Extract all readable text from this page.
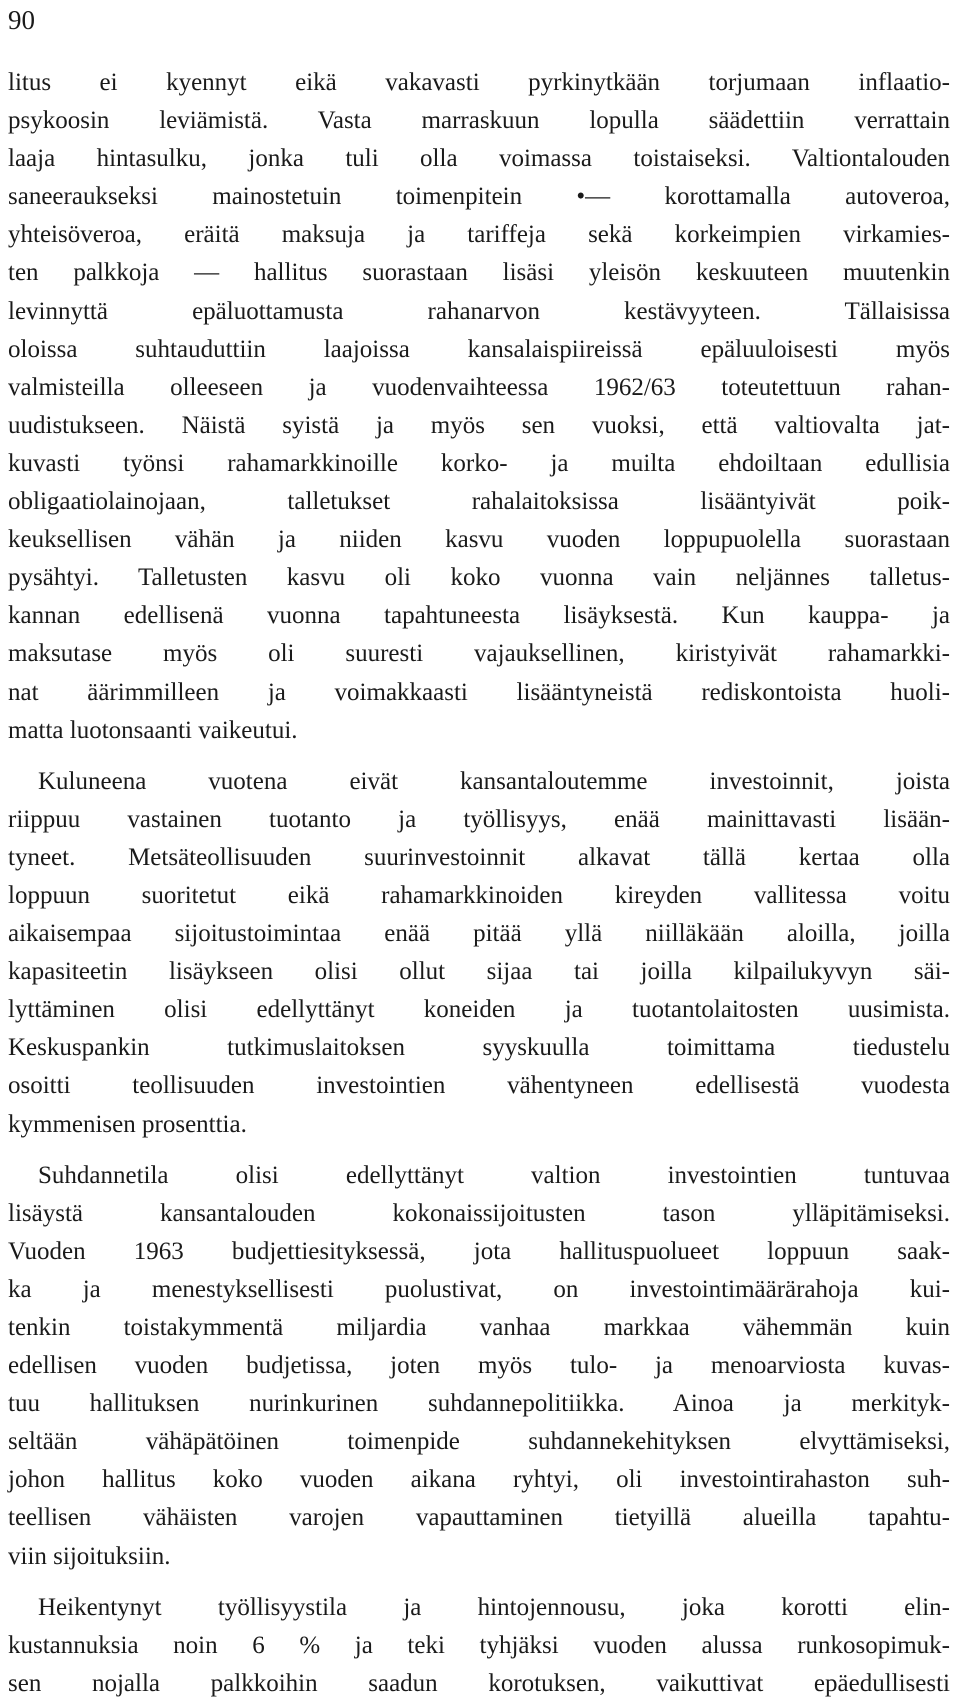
90
litus ei kyennyt eikä vakavasti pyrkinytkään torjumaan inflaatio-
psykoosin leviämistä. Vasta marraskuun lopulla säädettiin verrattain
laaja hintasulku, jonka tuli olla voimassa toistaiseksi. Valtiontalouden
saneeraukseksi mainostetuin toimenpitein •— korottamalla autoveroa,
yhteisöveroa, eräitä maksuja ja tariffeja sekä korkeimpien virkamies-
ten palkkoja — hallitus suorastaan lisäsi yleisön keskuuteen muutenkin
levinnyttä epäluottamusta rahanarvon kestävyyteen. Tällaisissa
oloissa suhtauduttiin laajoissa kansalaispiireissä epäluuloisesti myös
valmisteilla olleeseen ja vuodenvaihteessa 1962/63 toteutettuun rahan-
uudistukseen. Näistä syistä ja myös sen vuoksi, että valtiovalta jat-
kuvasti työnsi rahamarkkinoille korko- ja muilta ehdoiltaan edullisia
obligaatiolainojaan, talletukset rahalaitoksissa lisääntyivät poik-
keuksellisen vähän ja niiden kasvu vuoden loppupuolella suorastaan
pysähtyi. Talletusten kasvu oli koko vuonna vain neljännes talletus-
kannan edellisenä vuonna tapahtuneesta lisäyksestä. Kun kauppa- ja
maksutase myös oli suuresti vajauksellinen, kiristyivät rahamarkki-
nat äärimmilleen ja voimakkaasti lisääntyneistä rediskontoista huoli-
matta luotonsaanti vaikeutui.
Kuluneena vuotena eivät kansantaloutemme investoinnit, joista
riippuu vastainen tuotanto ja työllisyys, enää mainittavasti lisään-
tyneet. Metsäteollisuuden suurinvestoinnit alkavat tällä kertaa olla
loppuun suoritetut eikä rahamarkkinoiden kireyden vallitessa voitu
aikaisempaa sijoitustoimintaa enää pitää yllä niilläkään aloilla, joilla
kapasiteetin lisäykseen olisi ollut sijaa tai joilla kilpailukyvyn säi-
lyttäminen olisi edellyttänyt koneiden ja tuotantolaitosten uusimista.
Keskuspankin tutkimuslaitoksen syyskuulla toimittama tiedustelu
osoitti teollisuuden investointien vähentyneen edellisestä vuodesta
kymmenisen prosenttia.
Suhdannetila olisi edellyttänyt valtion investointien tuntuvaa
lisäystä kansantalouden kokonaissijoitusten tason ylläpitämiseksi.
Vuoden 1963 budjettiesityksessä, jota hallituspuolueet loppuun saak-
ka ja menestyksellisesti puolustivat, on investointimäärärahoja kui-
tenkin toistakymmentä miljardia vanhaa markkaa vähemmän kuin
edellisen vuoden budjetissa, joten myös tulo- ja menoarviosta kuvas-
tuu hallituksen nurinkurinen suhdannepolitiikka. Ainoa ja merkityk-
seltään vähäpätöinen toimenpide suhdannekehityksen elvyttämiseksi,
johon hallitus koko vuoden aikana ryhtyi, oli investointirahaston suh-
teellisen vähäisten varojen vapauttaminen tietyillä alueilla tapahtu-
viin sijoituksiin.
Heikentynyt työllisyystila ja hintojennousu, joka korotti elin-
kustannuksia noin 6 % ja teki tyhjäksi vuoden alussa runkosopimuk-
sen nojalla palkkoihin saadun korotuksen, vaikuttivat epäedullisesti
